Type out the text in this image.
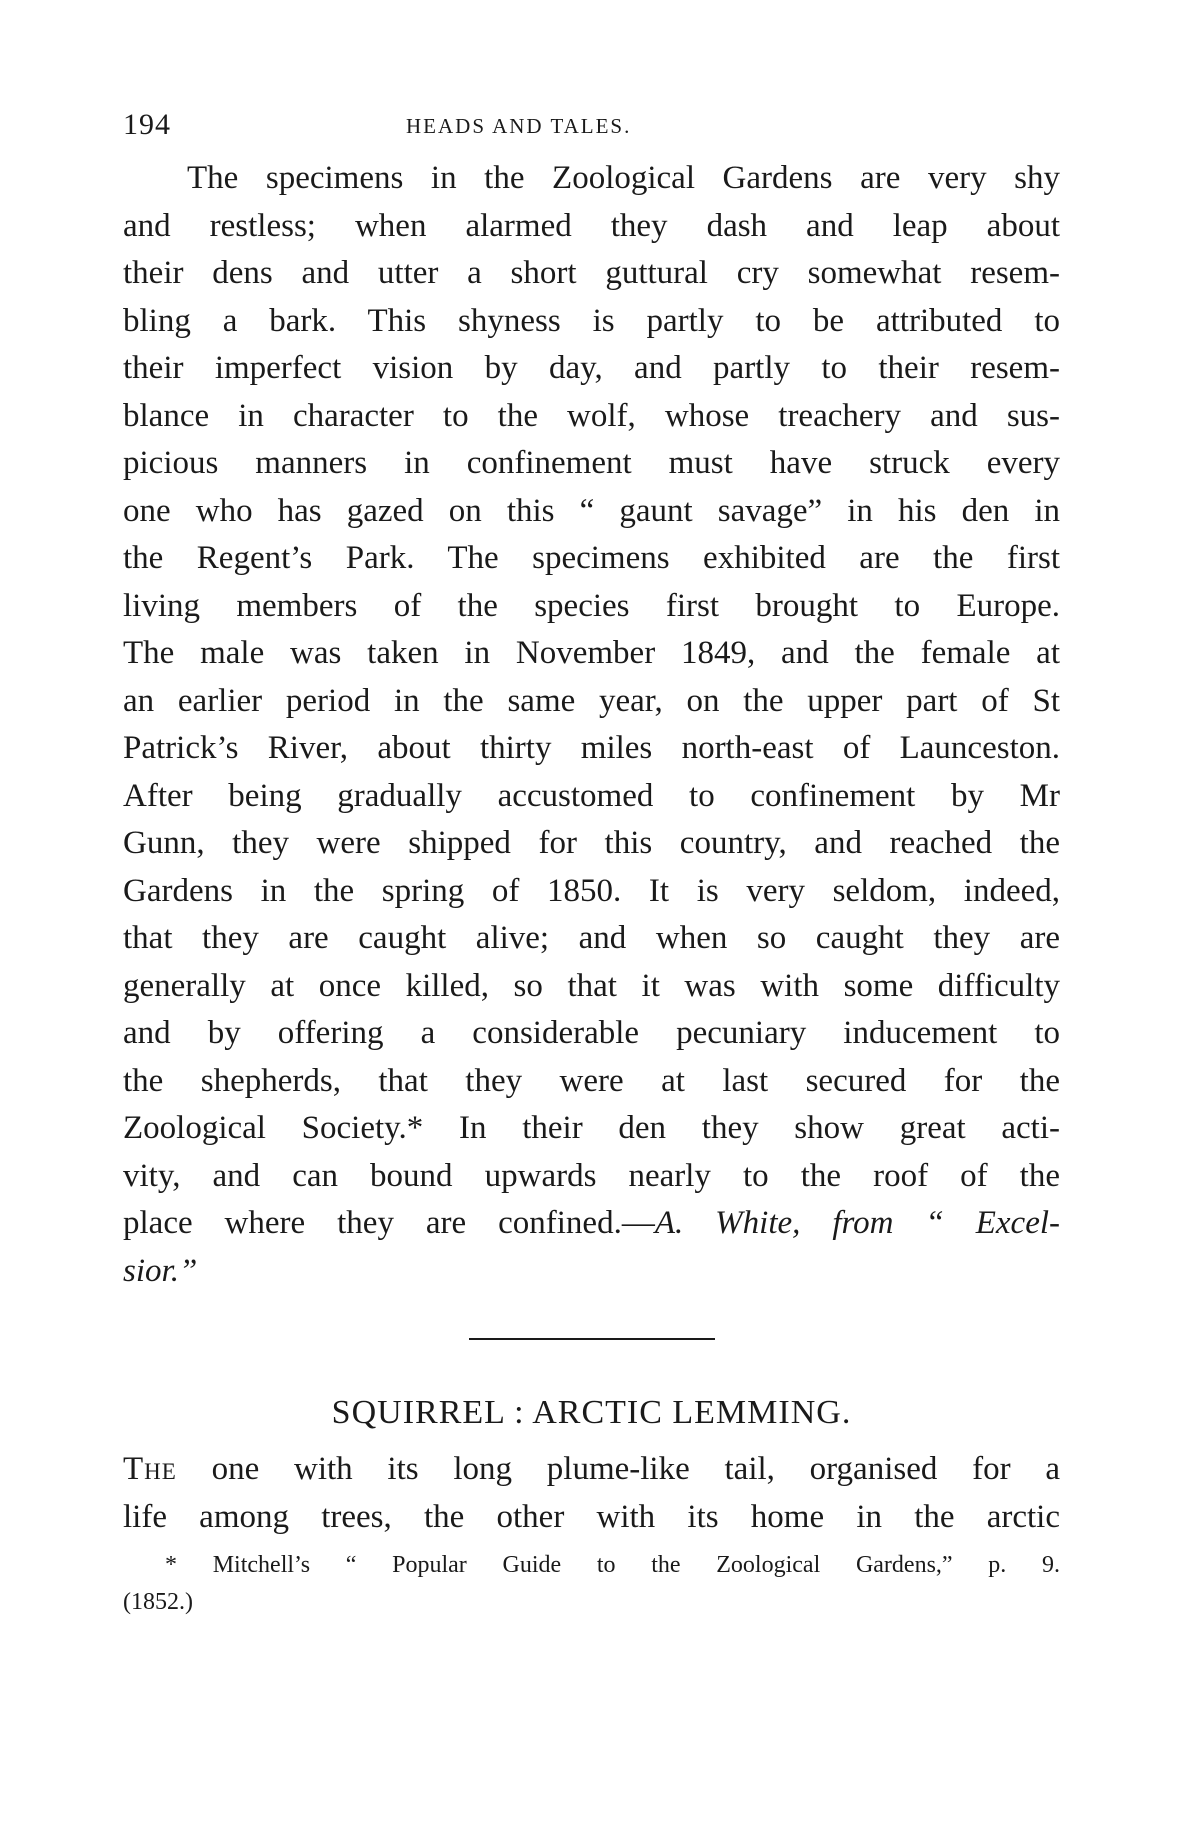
194	HEADS AND TALES.
The specimens in the Zoological Gardens are very shy
and restless; when alarmed they dash and leap about
their dens and utter a short guttural cry somewhat resem-
bling a bark. This shyness is partly to be attributed to
their imperfect vision by day, and partly to their resem-
blance in character to the wolf, whose treachery and sus-
picious manners in confinement must have struck every
one who has gazed on this “ gaunt savage” in his den in
the Regent’s Park. The specimens exhibited are the first
living members of the species first brought to Europe.
The male was taken in November 1849, and the female at
an earlier period in the same year, on the upper part of St
Patrick’s River, about thirty miles north-east of Launceston.
After being gradually accustomed to confinement by Mr
Gunn, they were shipped for this country, and reached the
Gardens in the spring of 1850. It is very seldom, indeed,
that they are caught alive; and when so caught they are
generally at once killed, so that it was with some difficulty
and by offering a considerable pecuniary inducement to
the shepherds, that they were at last secured for the
Zoological Society.* In their den they show great acti-
vity, and can bound upwards nearly to the roof of the
place where they are confined.—A. White, from “ Excel-
sior.”
SQUIRREL : ARCTIC LEMMING.
The one with its long plume-like tail, organised for a
life among trees, the other with its home in the arctic
* Mitchell’s “ Popular Guide to the Zoological Gardens,” p. 9.
(1852.)
